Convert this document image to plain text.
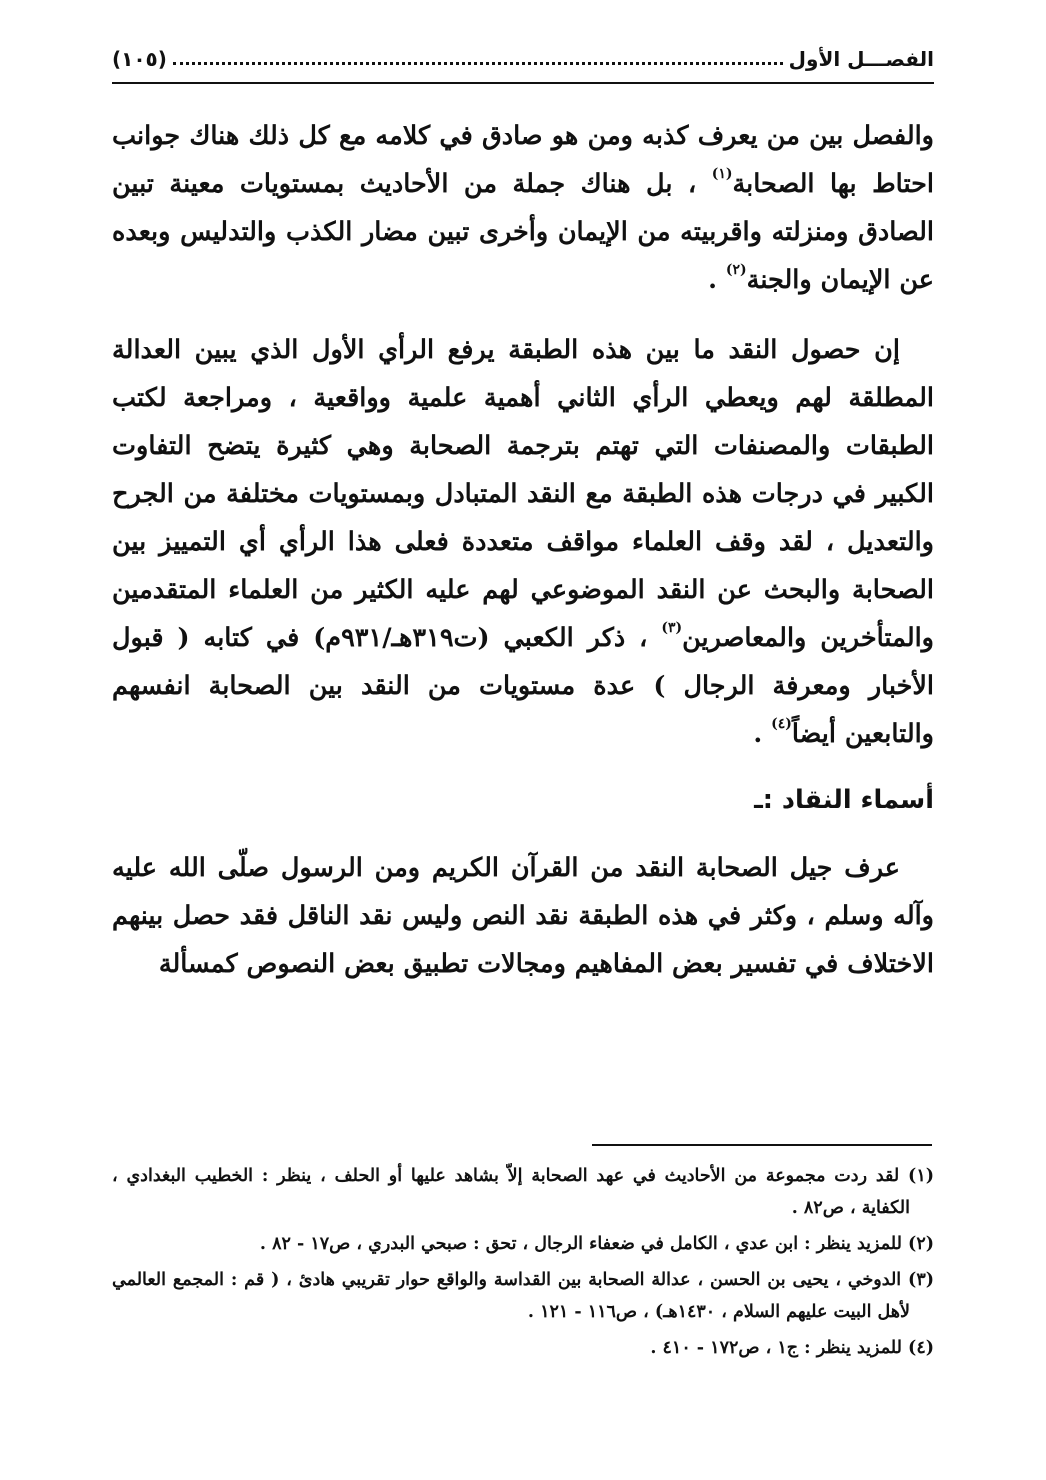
الفصـــل الأول
(١٠٥)

والفصل بين من يعرف كذبه ومن هو صادق في كلامه مع كل ذلك هناك جوانب احتاط بها الصحابة$^{(١)}$ ، بل هناك جملة من الأحاديث بمستويات معينة تبين الصادق ومنزلته واقربيته من الإيمان وأخرى تبين مضار الكذب والتدليس وبعده عن الإيمان والجنة$^{(٢)}$ .

إن حصول النقد ما بين هذه الطبقة يرفع الرأي الأول الذي يبين العدالة المطلقة لهم ويعطي الرأي الثاني أهمية علمية وواقعية ، ومراجعة لكتب الطبقات والمصنفات التي تهتم بترجمة الصحابة وهي كثيرة يتضح التفاوت الكبير في درجات هذه الطبقة مع النقد المتبادل وبمستويات مختلفة من الجرح والتعديل ، لقد وقف العلماء مواقف متعددة فعلى هذا الرأي أي التمييز بين الصحابة والبحث عن النقد الموضوعي لهم عليه الكثير من العلماء المتقدمين والمتأخرين والمعاصرين$^{(٣)}$ ، ذكر الكعبي (ت٣١٩هـ/٩٣١م) في كتابه ( قبول الأخبار ومعرفة الرجال ) عدة مستويات من النقد بين الصحابة انفسهم والتابعين أيضاً$^{(٤)}$ .

أسماء النقاد :ـ

عرف جيل الصحابة النقد من القرآن الكريم ومن الرسول صلّى الله عليه وآله وسلم ، وكثر في هذه الطبقة نقد النص وليس نقد الناقل فقد حصل بينهم الاختلاف في تفسير بعض المفاهيم ومجالات تطبيق بعض النصوص كمسألة

(١) لقد ردت مجموعة من الأحاديث في عهد الصحابة إلاّ بشاهد عليها أو الحلف ، ينظر : الخطيب البغدادي ، الكفاية ، ص٨٢ .
(٢) للمزيد ينظر : ابن عدي ، الكامل في ضعفاء الرجال ، تحق : صبحي البدري ، ص١٧ - ٨٢ .
(٣) الدوخي ، يحيى بن الحسن ، عدالة الصحابة بين القداسة والواقع حوار تقريبي هادئ ، ( قم : المجمع العالمي لأهل البيت عليهم السلام ، ١٤٣٠هـ) ، ص١١٦ - ١٢١ .
(٤) للمزيد ينظر : ج١ ، ص١٧٢ - ٤١٠ .
